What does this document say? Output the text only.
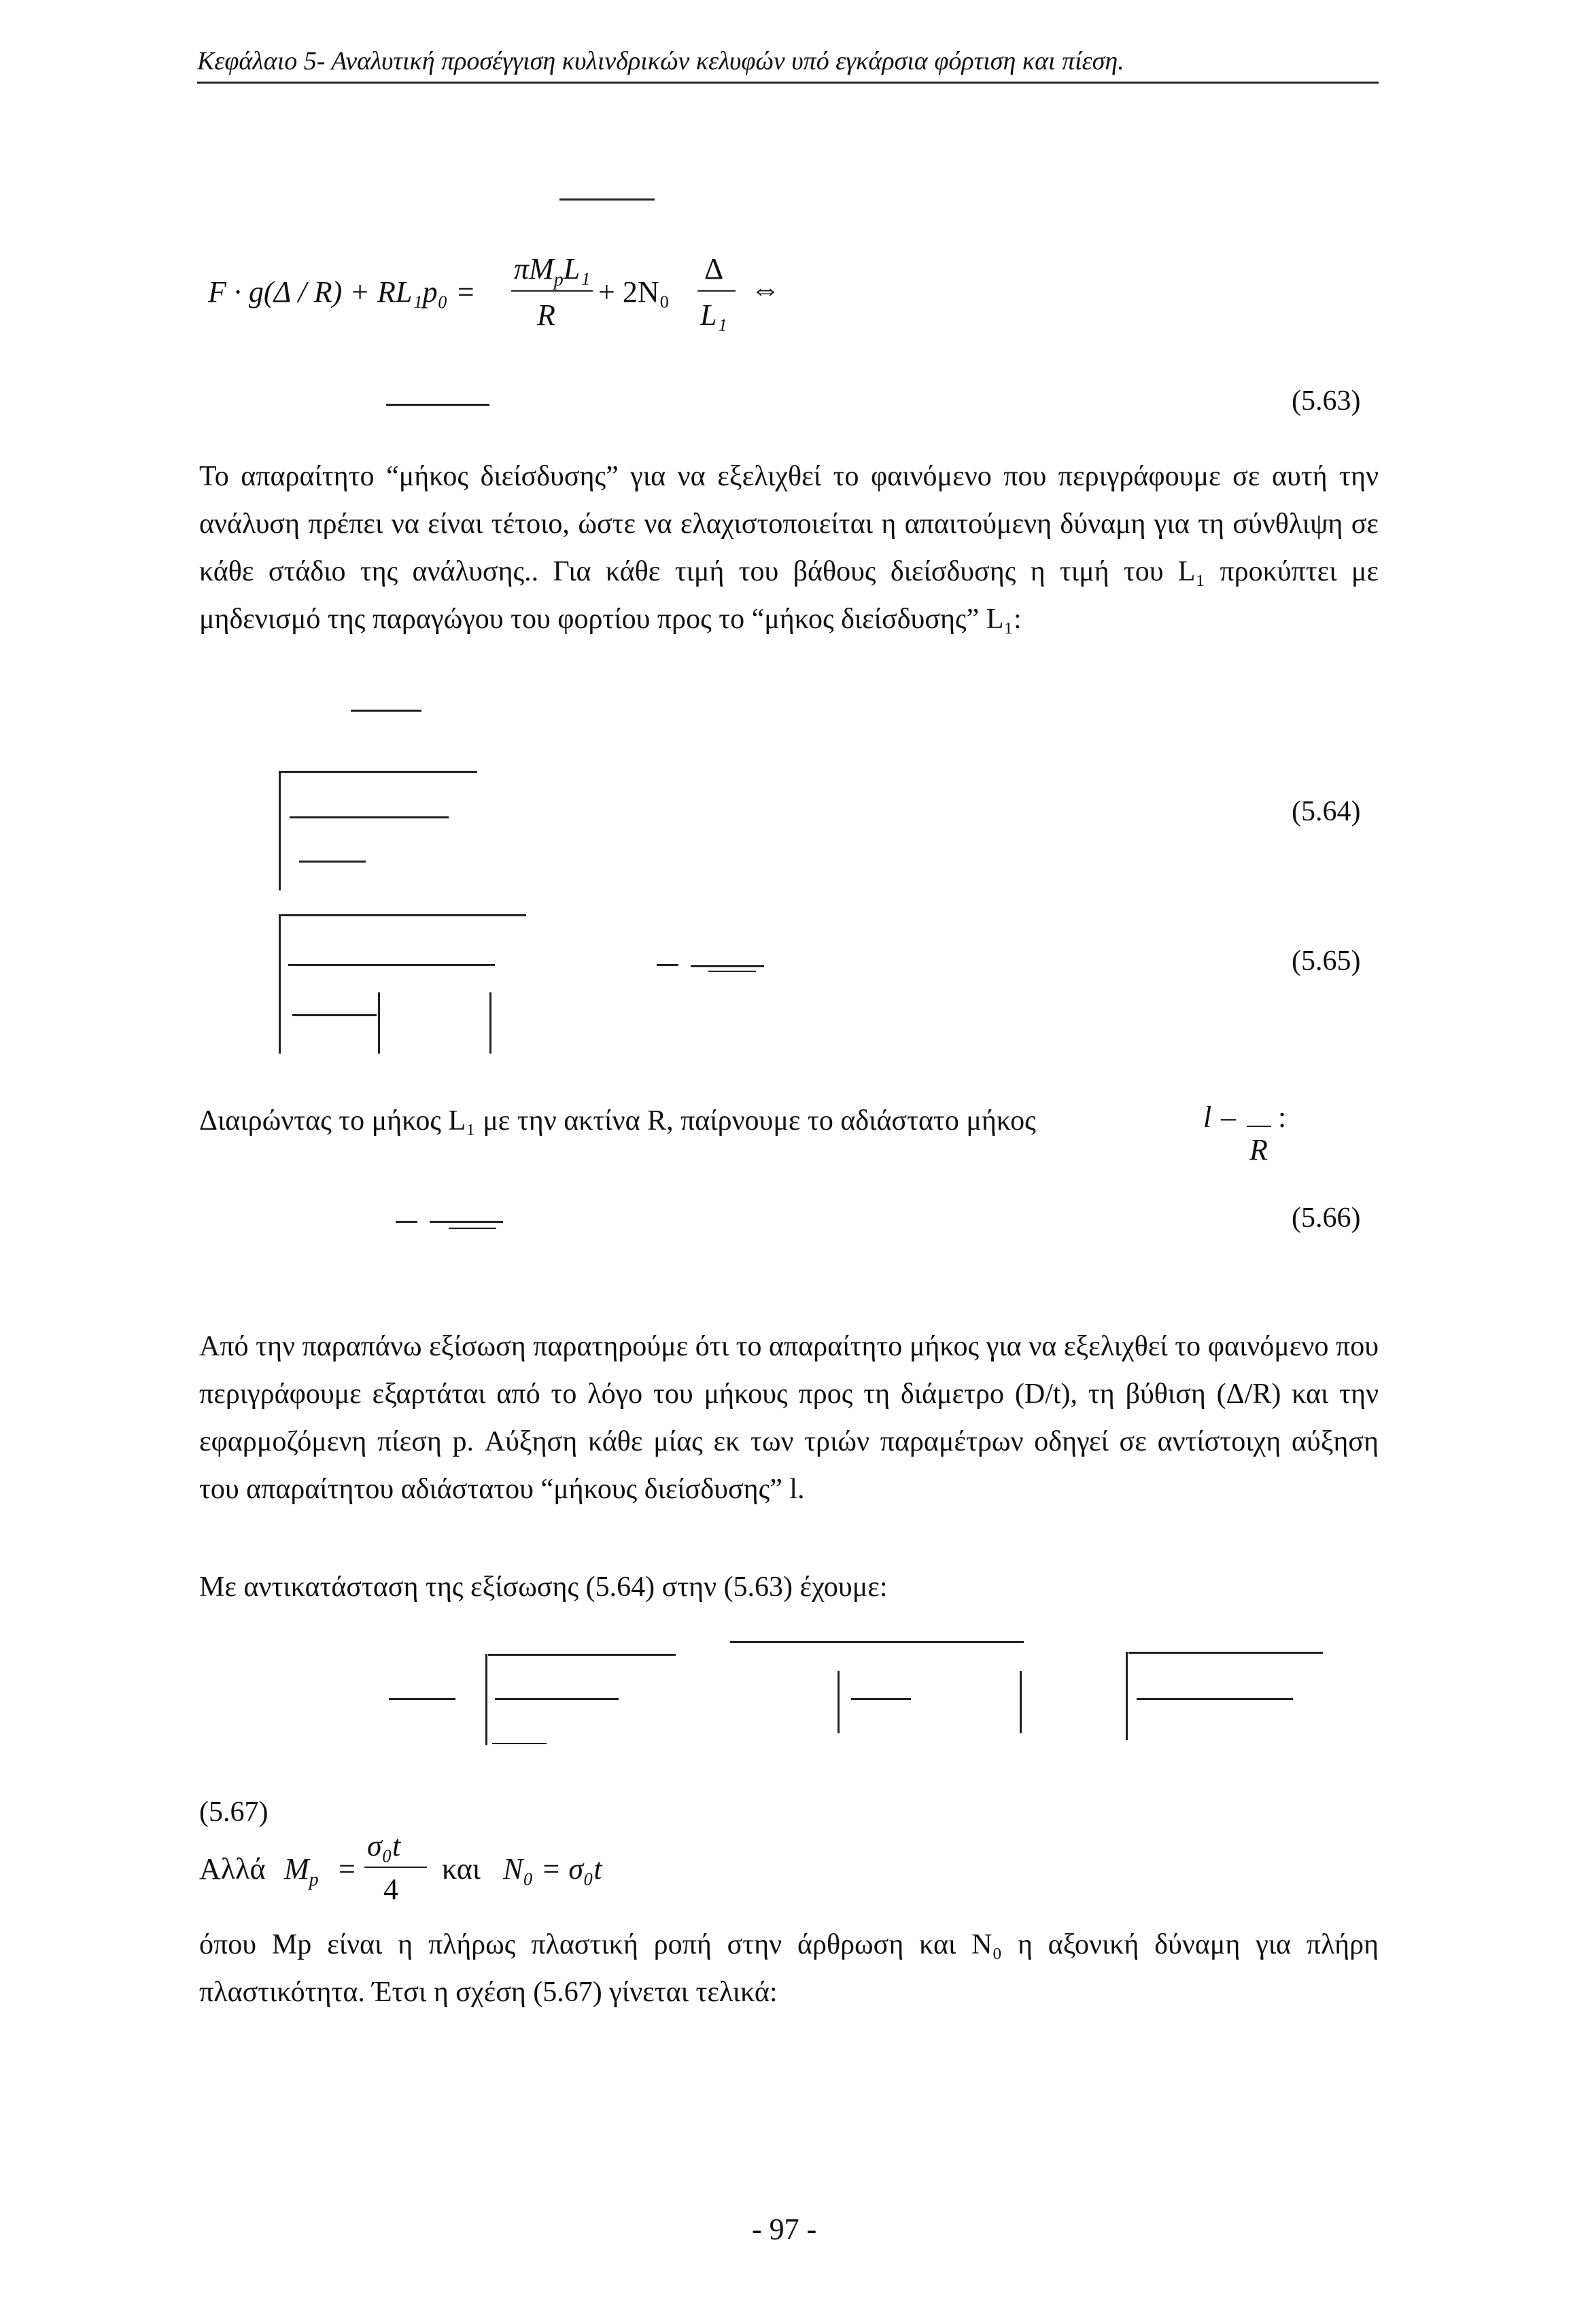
Κεφάλαιο 5- Αναλυτική προσέγγιση κυλινδρικών κελυφών υπό εγκάρσια φόρτιση και πίεση.
F · g(Δ / R) + RL₁p₀ =
$\pi M_pL_1$
R
+ 2N₀
Δ
L₁
⇔
(5.63)
Το απαραίτητο “μήκος διείσδυσης” για να εξελιχθεί το φαινόμενο που περιγράφουμε σε αυτή την ανάλυση πρέπει να είναι τέτοιο, ώστε να ελαχιστοποιείται η απαιτούμενη δύναμη για τη σύνθλιψη σε κάθε στάδιο της ανάλυσης.. Για κάθε τιμή του βάθους διείσδυσης η τιμή του L₁ προκύπτει με μηδενισμό της παραγώγου του φορτίου προς το “μήκος διείσδυσης” L₁:
(5.64)
(5.65)
Διαιρώντας το μήκος L₁ με την ακτίνα R, παίρνουμε το αδιάστατο μήκος	l –
R
:
(5.66)
Από την παραπάνω εξίσωση παρατηρούμε ότι το απαραίτητο μήκος για να εξελιχθεί το φαινόμενο που περιγράφουμε εξαρτάται από το λόγο του μήκους προς τη διάμετρο (D/t), τη βύθιση (Δ/R) και την εφαρμοζόμενη πίεση p. Αύξηση κάθε μίας εκ των τριών παραμέτρων οδηγεί σε αντίστοιχη αύξηση του απαραίτητου αδιάστατου “μήκους διείσδυσης” l.
Με αντικατάσταση της εξίσωσης (5.64) στην (5.63) έχουμε:
(5.67)
Αλλά $M_p$ =
σ₀t
4
και N₀ = σ₀t
όπου Mp είναι η πλήρως πλαστική ροπή στην άρθρωση και N₀ η αξονική δύναμη για πλήρη πλαστικότητα. Έτσι η σχέση (5.67) γίνεται τελικά:
- 97 -
